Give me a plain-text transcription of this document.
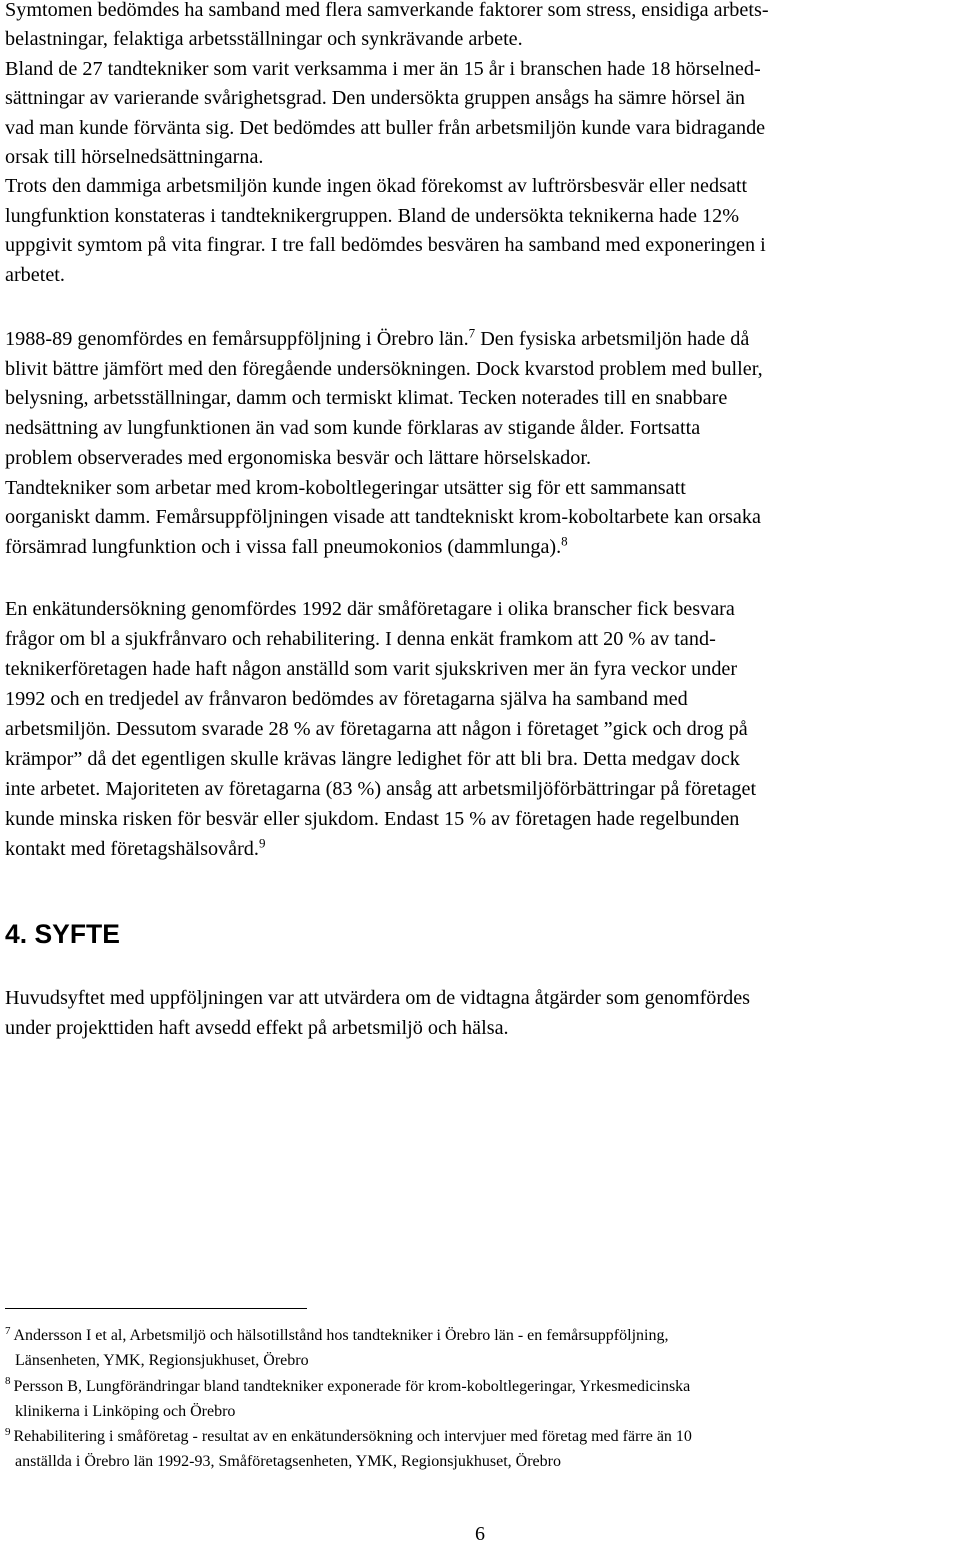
Symtomen bedömdes ha samband med flera samverkande faktorer som stress, ensidiga arbets-
belastningar, felaktiga arbetsställningar och synkrävande arbete.
Bland de 27 tandtekniker som varit verksamma i mer än 15 år i branschen hade 18 hörselned-
sättningar av varierande svårighetsgrad. Den undersökta gruppen ansågs ha sämre hörsel än
vad man kunde förvänta sig. Det bedömdes att buller från arbetsmiljön kunde vara bidragande
orsak till hörselnedsättningarna.
Trots den dammiga arbetsmiljön kunde ingen ökad förekomst av luftrörsbesvär eller nedsatt
lungfunktion konstateras i tandteknikergruppen. Bland de undersökta teknikerna hade 12%
uppgivit symtom på vita fingrar. I tre fall bedömdes besvären ha samband med exponeringen i
arbetet.
1988-89 genomfördes en femårsuppföljning i Örebro län.$^7$ Den fysiska arbetsmiljön hade då
blivit bättre jämfört med den föregående undersökningen. Dock kvarstod problem med buller,
belysning, arbetsställningar, damm och termiskt klimat. Tecken noterades till en snabbare
nedsättning av lungfunktionen än vad som kunde förklaras av stigande ålder. Fortsatta
problem observerades med ergonomiska besvär och lättare hörselskador.
Tandtekniker som arbetar med krom-koboltlegeringar utsätter sig för ett sammansatt
oorganiskt damm. Femårsuppföljningen visade att tandtekniskt krom-koboltarbete kan orsaka
försämrad lungfunktion och i vissa fall pneumokonios (dammlunga).$^8$
En enkätundersökning genomfördes 1992 där småföretagare i olika branscher fick besvara
frågor om bl a sjukfrånvaro och rehabilitering. I denna enkät framkom att 20 % av tand-
teknikerföretagen hade haft någon anställd som varit sjukskriven mer än fyra veckor under
1992 och en tredjedel av frånvaron bedömdes av företagarna själva ha samband med
arbetsmiljön. Dessutom svarade 28 % av företagarna att någon i företaget ”gick och drog på
krämpor” då det egentligen skulle krävas längre ledighet för att bli bra. Detta medgav dock
inte arbetet. Majoriteten av företagarna (83 %) ansåg att arbetsmiljöförbättringar på företaget
kunde minska risken för besvär eller sjukdom. Endast 15 % av företagen hade regelbunden
kontakt med företagshälsovård.$^9$
4. SYFTE
Huvudsyftet med uppföljningen var att utvärdera om de vidtagna åtgärder som genomfördes
under projekttiden haft avsedd effekt på arbetsmiljö och hälsa.
$^7$ Andersson I et al, Arbetsmiljö och hälsotillstånd hos tandtekniker i Örebro län - en femårsuppföljning,
Länsenheten, YMK, Regionsjukhuset, Örebro
$^8$ Persson B, Lungförändringar bland tandtekniker exponerade för krom-koboltlegeringar, Yrkesmedicinska
klinikerna i Linköping och Örebro
$^9$ Rehabilitering i småföretag - resultat av en enkätundersökning och intervjuer med företag med färre än 10
anställda i Örebro län 1992-93, Småföretagsenheten, YMK, Regionsjukhuset, Örebro
6
